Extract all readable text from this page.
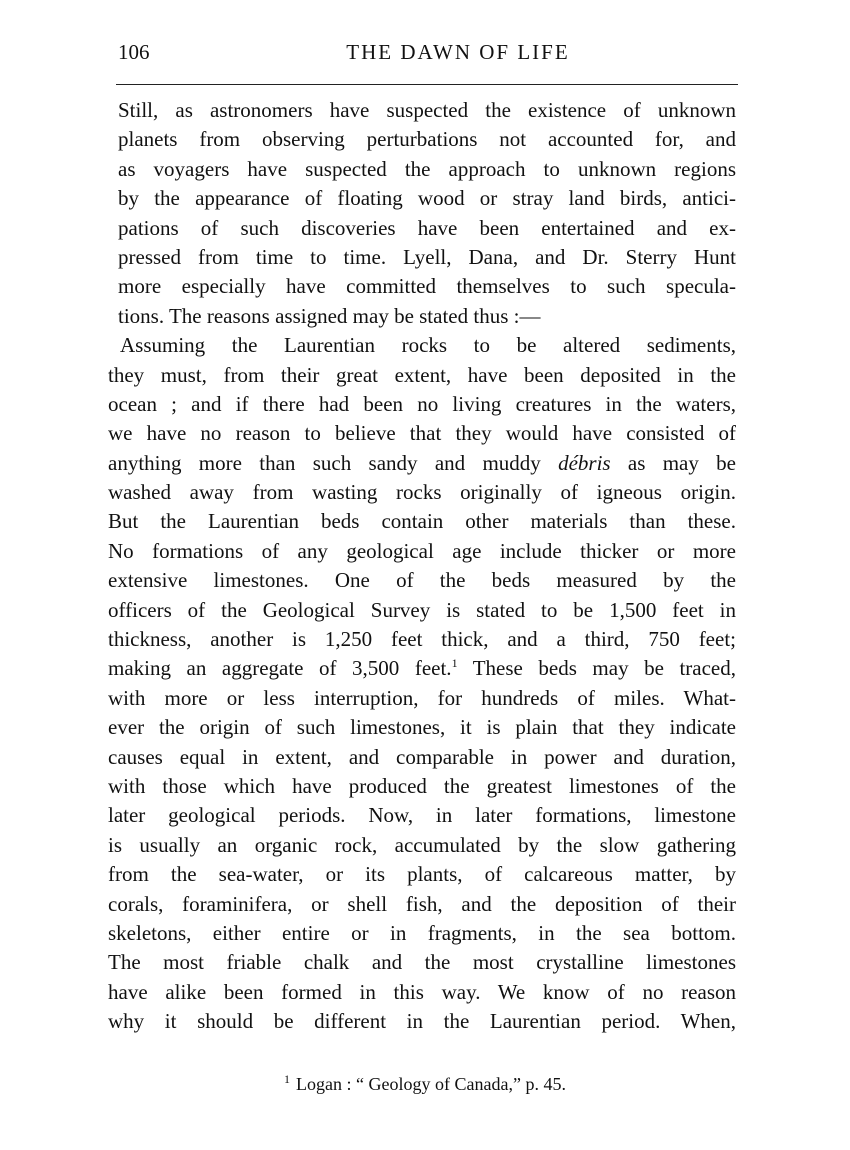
106	THE DAWN OF LIFE
Still, as astronomers have suspected the existence of unknown
planets from observing perturbations not accounted for, and
as voyagers have suspected the approach to unknown regions
by the appearance of floating wood or stray land birds, antici-
pations of such discoveries have been entertained and ex-
pressed from time to time. Lyell, Dana, and Dr. Sterry Hunt
more especially have committed themselves to such specula-
tions. The reasons assigned may be stated thus :—
Assuming the Laurentian rocks to be altered sediments,
they must, from their great extent, have been deposited in the
ocean ; and if there had been no living creatures in the waters,
we have no reason to believe that they would have consisted of
anything more than such sandy and muddy débris as may be
washed away from wasting rocks originally of igneous origin.
But the Laurentian beds contain other materials than these.
No formations of any geological age include thicker or more
extensive limestones. One of the beds measured by the
officers of the Geological Survey is stated to be 1,500 feet in
thickness, another is 1,250 feet thick, and a third, 750 feet;
making an aggregate of 3,500 feet.$^1$ These beds may be traced,
with more or less interruption, for hundreds of miles. What-
ever the origin of such limestones, it is plain that they indicate
causes equal in extent, and comparable in power and duration,
with those which have produced the greatest limestones of the
later geological periods. Now, in later formations, limestone
is usually an organic rock, accumulated by the slow gathering
from the sea-water, or its plants, of calcareous matter, by
corals, foraminifera, or shell fish, and the deposition of their
skeletons, either entire or in fragments, in the sea bottom.
The most friable chalk and the most crystalline limestones
have alike been formed in this way. We know of no reason
why it should be different in the Laurentian period. When,
$^1$ Logan : “ Geology of Canada,” p. 45.
